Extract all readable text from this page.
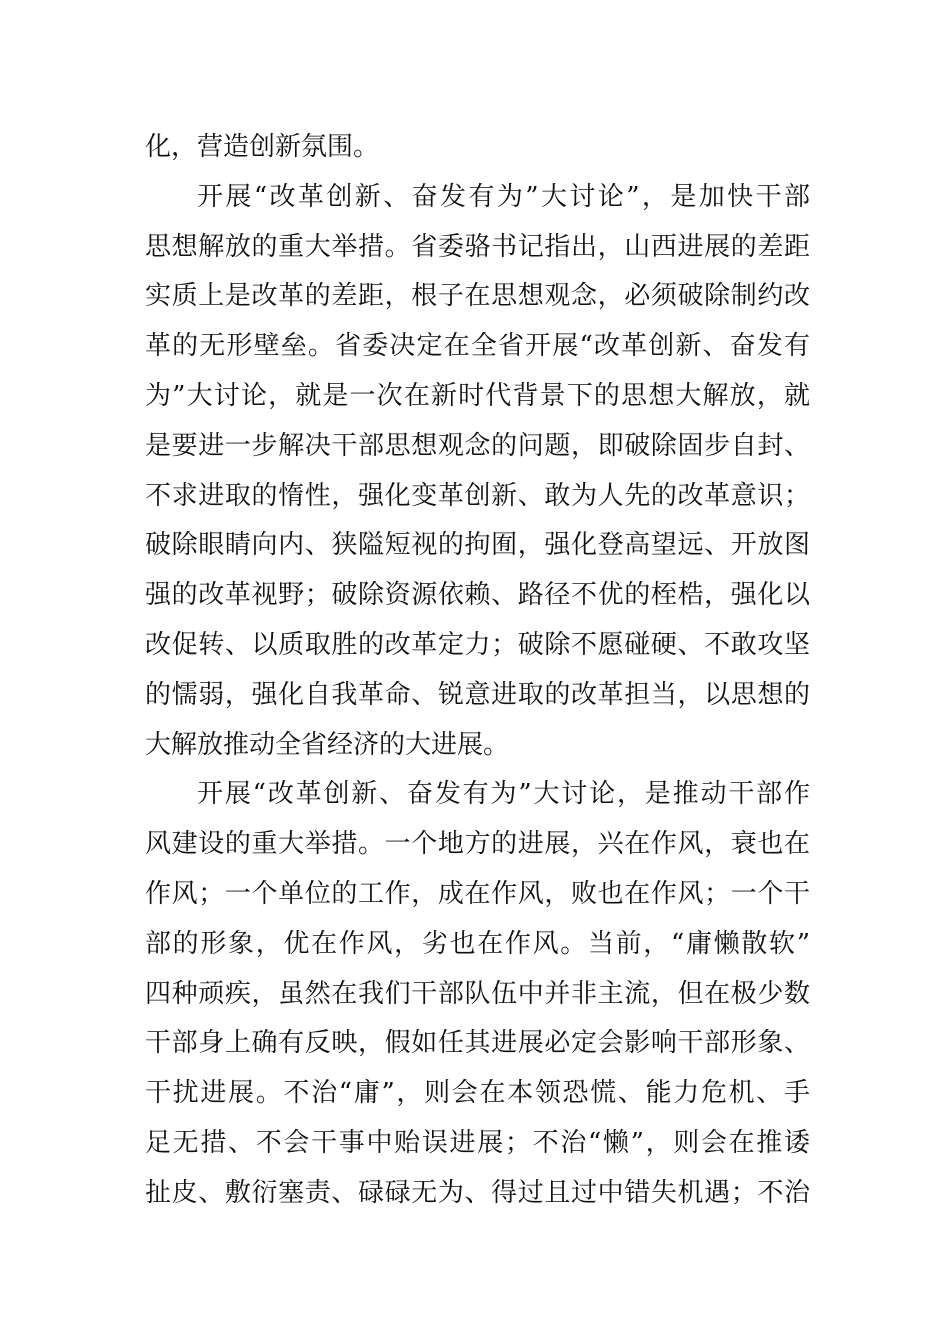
化，营造创新氛围。
开展“改革创新、奋发有为”大讨论”，是加快干部
思想解放的重大举措。省委骆书记指出，山西进展的差距
实质上是改革的差距，根子在思想观念，必须破除制约改
革的无形壁垒。省委决定在全省开展“改革创新、奋发有
为”大讨论，就是一次在新时代背景下的思想大解放，就
是要进一步解决干部思想观念的问题，即破除固步自封、
不求进取的惰性，强化变革创新、敢为人先的改革意识；
破除眼睛向内、狭隘短视的拘囿，强化登高望远、开放图
强的改革视野；破除资源依赖、路径不优的桎梏，强化以
改促转、以质取胜的改革定力；破除不愿碰硬、不敢攻坚
的懦弱，强化自我革命、锐意进取的改革担当，以思想的
大解放推动全省经济的大进展。
开展“改革创新、奋发有为”大讨论，是推动干部作
风建设的重大举措。一个地方的进展，兴在作风，衰也在
作风；一个单位的工作，成在作风，败也在作风；一个干
部的形象，优在作风，劣也在作风。当前，“庸懒散软”
四种顽疾，虽然在我们干部队伍中并非主流，但在极少数
干部身上确有反映，假如任其进展必定会影响干部形象、
干扰进展。不治“庸”，则会在本领恐慌、能力危机、手
足无措、不会干事中贻误进展；不治“懒”，则会在推诿
扯皮、敷衍塞责、碌碌无为、得过且过中错失机遇；不治
